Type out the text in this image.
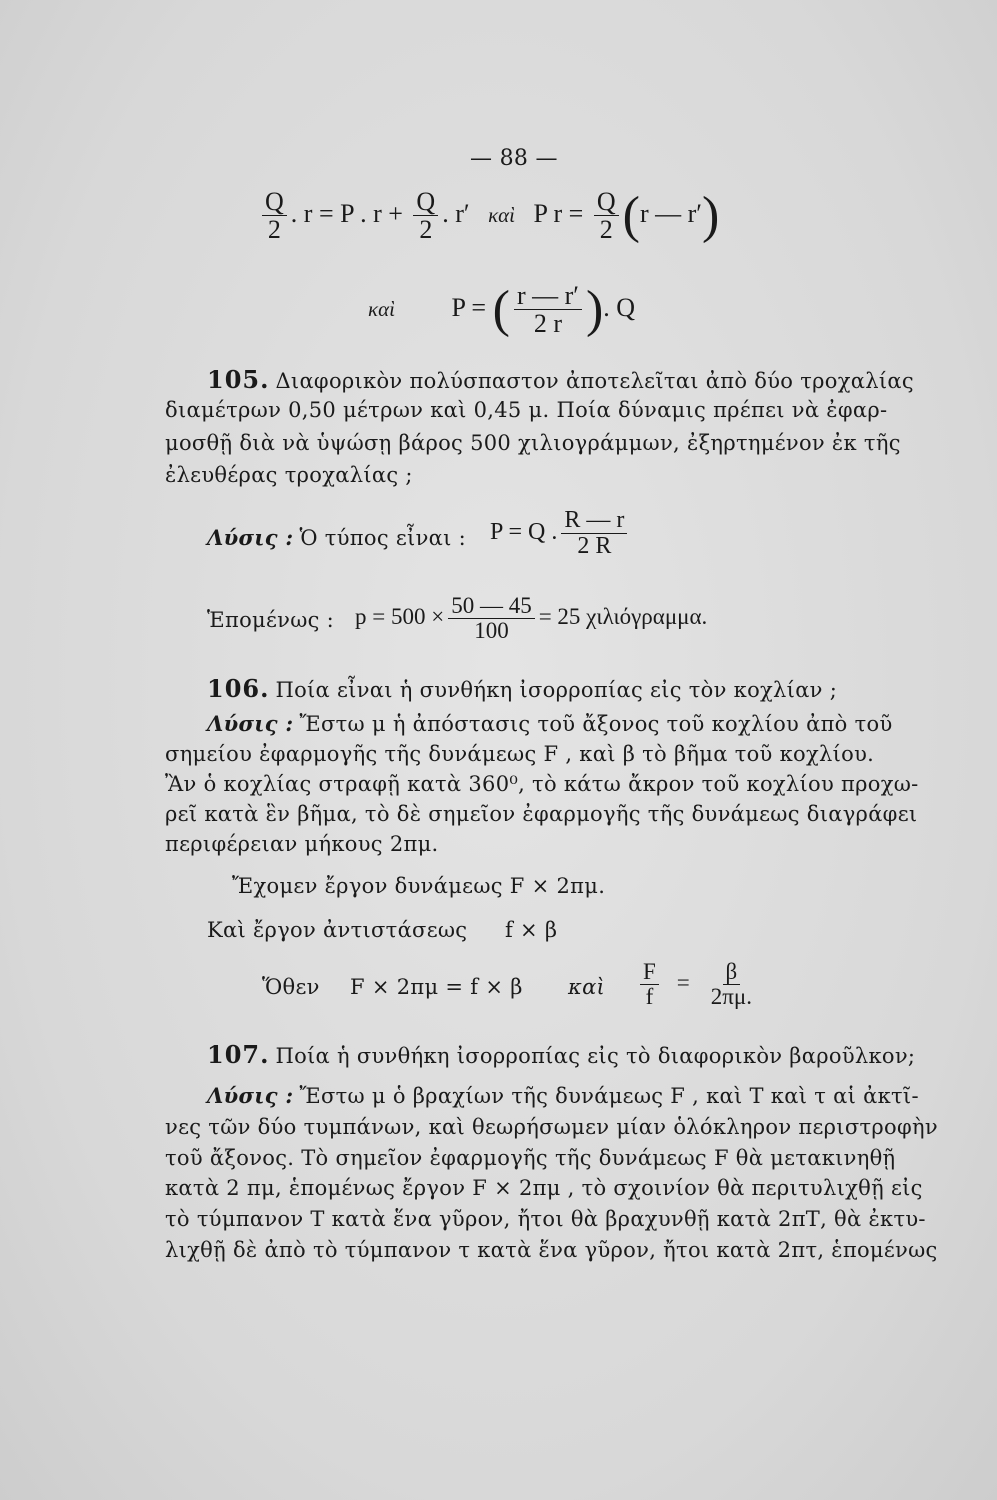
— 88 —
$\frac{Q}{2}$ . r = P . $r + \frac{Q}{2}$ . r′ καὶ P $r = \frac{Q}{2} (r$ — r′)
καὶ P = ( $\frac{r — r'}{2 r}$ ). Q
105. Διαφορικὸν πολύσπαστον ἀποτελεῖται ἀπὸ δύο τροχαλίας
διαμέτρων 0,50 μέτρων καὶ 0,45 μ. Ποία δύναμις πρέπει νὰ ἐφαρ-
μοσθῇ διὰ νὰ ὑψώσῃ βάρος 500 χιλιογράμμων, ἐξηρτημένον ἐκ τῆς
ἐλευθέρας τροχαλίας ;
Λύσις : Ὁ τύπος εἶναι : P = Q . $\frac{R — r}{2 R}$
Ἑπομένως : $p = 500 \times \frac{50 — 45}{100} = 25$ χιλιόγραμμα.
106. Ποία εἶναι ἡ συνθήκη ἰσορροπίας εἰς τὸν κοχλίαν ;
Λύσις : Ἔστω μ ἡ ἀπόστασις τοῦ ἄξονος τοῦ κοχλίου ἀπὸ τοῦ
σημείου ἐφαρμογῆς τῆς δυνάμεως F , καὶ β τὸ βῆμα τοῦ κοχλίου.
Ἂν ὁ κοχλίας στραφῇ κατὰ 360⁰, τὸ κάτω ἄκρον τοῦ κοχλίου προχω-
ρεῖ κατὰ ἓν βῆμα, τὸ δὲ σημεῖον ἐφαρμογῆς τῆς δυνάμεως διαγράφει
περιφέρειαν μήκους 2πμ.
Ἔχομεν ἔργον δυνάμεως F × 2πμ.
Καὶ ἔργον ἀντιστάσεως f × β
Ὅθεν F × 2πμ = f × β καὶ $\frac{F}{f} = \frac{\beta}{2\pi\mu.}$
107. Ποία ἡ συνθήκη ἰσορροπίας εἰς τὸ διαφορικὸν βαροῦλκον;
Λύσις : Ἔστω μ ὁ βραχίων τῆς δυνάμεως F , καὶ Τ καὶ τ αἱ ἀκτῖ-
νες τῶν δύο τυμπάνων, καὶ θεωρήσωμεν μίαν ὁλόκληρον περιστροφὴν
τοῦ ἄξονος. Τὸ σημεῖον ἐφαρμογῆς τῆς δυνάμεως F θὰ μετακινηθῇ
κατὰ 2 πμ, ἑπομένως ἔργον F × 2πμ , τὸ σχοινίον θὰ περιτυλιχθῇ εἰς
τὸ τύμπανον Τ κατὰ ἕνα γῦρον, ἤτοι θὰ βραχυνθῇ κατὰ 2πΤ, θὰ ἐκτυ-
λιχθῇ δὲ ἀπὸ τὸ τύμπανον τ κατὰ ἕνα γῦρον, ἤτοι κατὰ 2πτ, ἑπομένως
